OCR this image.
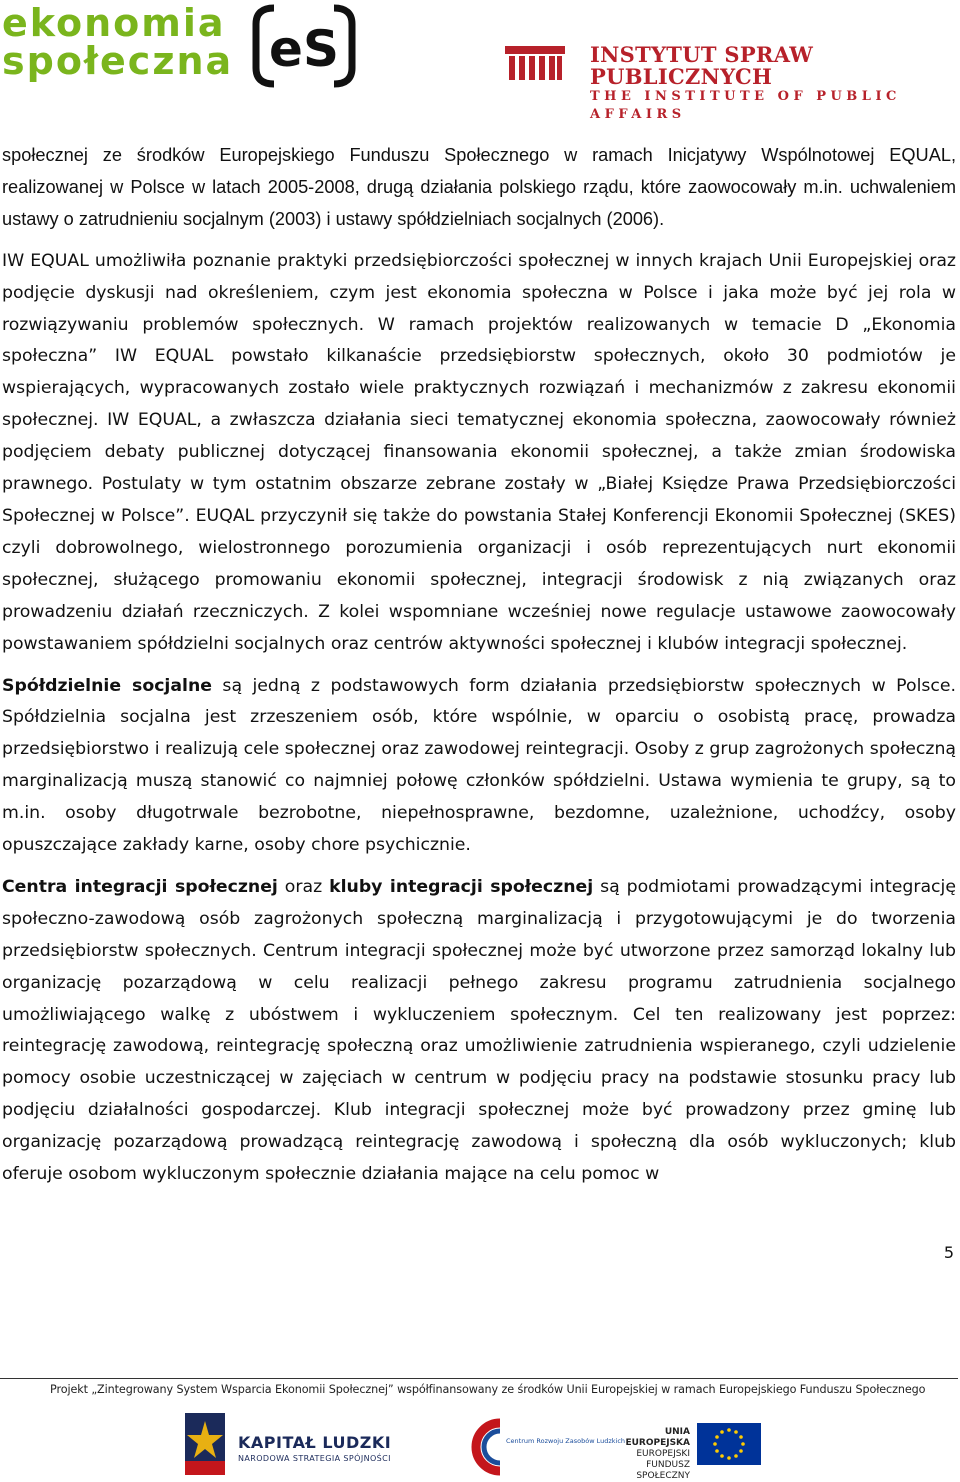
ekonomia
społeczna eS	INSTYTUT SPRAW PUBLICZNYCH
THE INSTITUTE OF PUBLIC AFFAIRS

społecznej ze środków Europejskiego Funduszu Społecznego w ramach Inicjatywy Wspólnotowej EQUAL, realizowanej w Polsce w latach 2005-2008, drugą działania polskiego rządu, które zaowocowały m.in. uchwaleniem ustawy o zatrudnieniu socjalnym (2003) i ustawy spółdzielniach socjalnych (2006).

IW EQUAL umożliwiła poznanie praktyki przedsiębiorczości społecznej w innych krajach Unii Europejskiej oraz podjęcie dyskusji nad określeniem, czym jest ekonomia społeczna w Polsce i jaka może być jej rola w rozwiązywaniu problemów społecznych. W ramach projektów realizowanych w temacie D „Ekonomia społeczna” IW EQUAL powstało kilkanaście przedsiębiorstw społecznych, około 30 podmiotów je wspierających, wypracowanych zostało wiele praktycznych rozwiązań i mechanizmów z zakresu ekonomii społecznej. IW EQUAL, a zwłaszcza działania sieci tematycznej ekonomia społeczna, zaowocowały również podjęciem debaty publicznej dotyczącej finansowania ekonomii społecznej, a także zmian środowiska prawnego. Postulaty w tym ostatnim obszarze zebrane zostały w „Białej Księdze Prawa Przedsiębiorczości Społecznej w Polsce”. EUQAL przyczynił się także do powstania Stałej Konferencji Ekonomii Społecznej (SKES) czyli dobrowolnego, wielostronnego porozumienia organizacji i osób reprezentujących nurt ekonomii społecznej, służącego promowaniu ekonomii społecznej, integracji środowisk z nią związanych oraz prowadzeniu działań rzeczniczych. Z kolei wspomniane wcześniej nowe regulacje ustawowe zaowocowały powstawaniem spółdzielni socjalnych oraz centrów aktywności społecznej i klubów integracji społecznej.

Spółdzielnie socjalne są jedną z podstawowych form działania przedsiębiorstw społecznych w Polsce. Spółdzielnia socjalna jest zrzeszeniem osób, które wspólnie, w oparciu o osobistą pracę, prowadza przedsiębiorstwo i realizują cele społecznej oraz zawodowej reintegracji. Osoby z grup zagrożonych społeczną marginalizacją muszą stanowić co najmniej połowę członków spółdzielni. Ustawa wymienia te grupy, są to m.in. osoby długotrwale bezrobotne, niepełnosprawne, bezdomne, uzależnione, uchodźcy, osoby opuszczające zakłady karne, osoby chore psychicznie.

Centra integracji społecznej oraz kluby integracji społecznej są podmiotami prowadzącymi integrację społeczno-zawodową osób zagrożonych społeczną marginalizacją i przygotowującymi je do tworzenia przedsiębiorstw społecznych. Centrum integracji społecznej może być utworzone przez samorząd lokalny lub organizację pozarządową w celu realizacji pełnego zakresu programu zatrudnienia socjalnego umożliwiającego walkę z ubóstwem i wykluczeniem społecznym. Cel ten realizowany jest poprzez: reintegrację zawodową, reintegrację społeczną oraz umożliwienie zatrudnienia wspieranego, czyli udzielenie pomocy osobie uczestniczącej w zajęciach w centrum w podjęciu pracy na podstawie stosunku pracy lub podjęciu działalności gospodarczej. Klub integracji społecznej może być prowadzony przez gminę lub organizację pozarządową prowadzącą reintegrację zawodową i społeczną dla osób wykluczonych; klub oferuje osobom wykluczonym społecznie działania mające na celu pomoc w

5
Projekt „Zintegrowany System Wsparcia Ekonomii Społecznej” współfinansowany ze środków Unii Europejskiej w ramach Europejskiego Funduszu Społecznego
KAPITAŁ LUDZKI
NARODOWA STRATEGIA SPÓJNOŚCI
Centrum Rozwoju Zasobów Ludzkich
UNIA EUROPEJSKA
EUROPEJSKI
FUNDUSZ SPOŁECZNY
